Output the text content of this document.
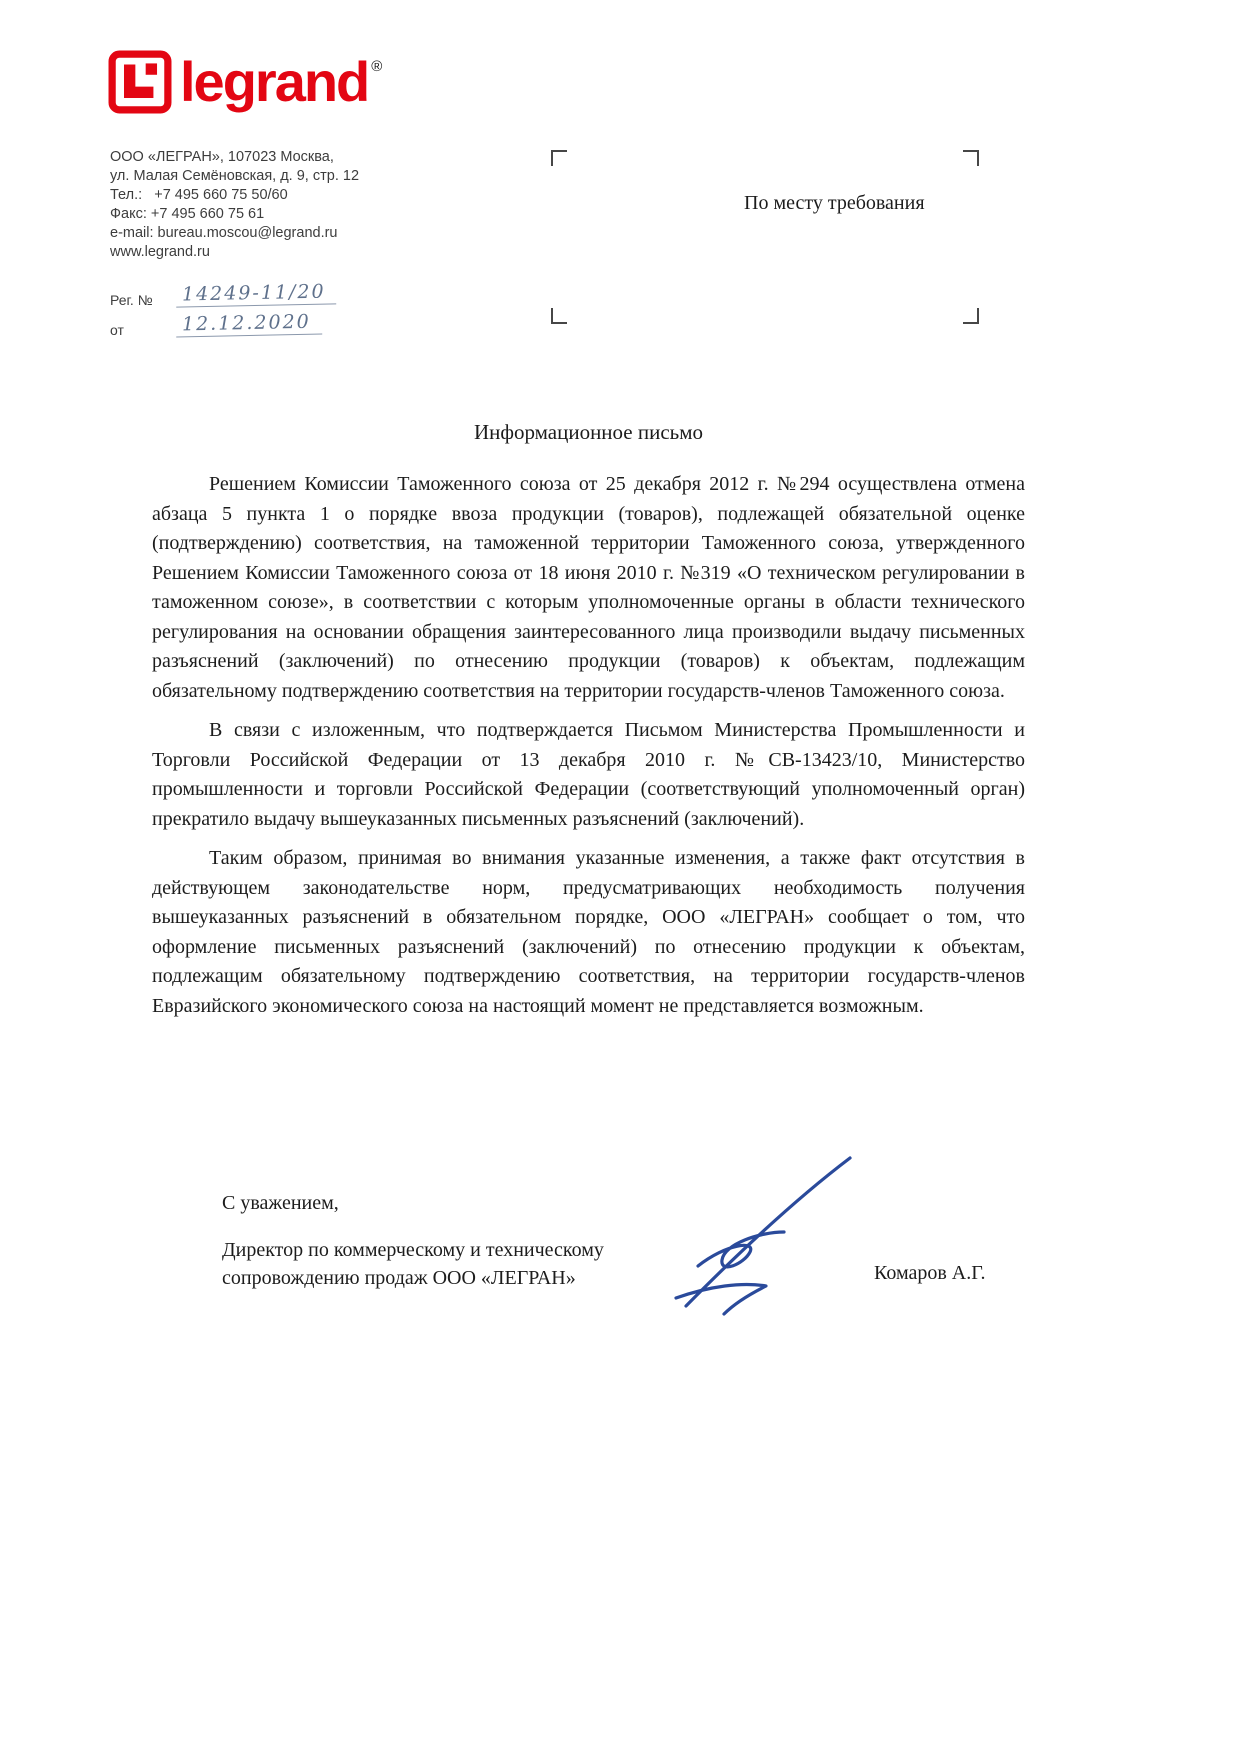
legrand ®
ООО «ЛЕГРАН», 107023 Москва,
ул. Малая Семёновская, д. 9, стр. 12
Тел.:   +7 495 660 75 50/60
Факс: +7 495 660 75 61
e-mail: bureau.moscou@legrand.ru
www.legrand.ru
Рег. №	14249-11/20
от	12.12.2020
По месту требования
Информационное письмо

Решением Комиссии Таможенного союза от 25 декабря 2012 г. №294 осуществлена отмена абзаца 5 пункта 1 о порядке ввоза продукции (товаров), подлежащей обязательной оценке (подтверждению) соответствия, на таможенной территории Таможенного союза, утвержденного Решением Комиссии Таможенного союза от 18 июня 2010 г. №319 «О техническом регулировании в таможенном союзе», в соответствии с которым уполномоченные органы в области технического регулирования на основании обращения заинтересованного лица производили выдачу письменных разъяснений (заключений) по отнесению продукции (товаров) к объектам, подлежащим обязательному подтверждению соответствия на территории государств-членов Таможенного союза.

В связи с изложенным, что подтверждается Письмом Министерства Промышленности и Торговли Российской Федерации от 13 декабря 2010 г. №СВ-13423/10, Министерство промышленности и торговли Российской Федерации (соответствующий уполномоченный орган) прекратило выдачу вышеуказанных письменных разъяснений (заключений).

Таким образом, принимая во внимания указанные изменения, а также факт отсутствия в действующем законодательстве норм, предусматривающих необходимость получения вышеуказанных разъяснений в обязательном порядке, ООО «ЛЕГРАН» сообщает о том, что оформление письменных разъяснений (заключений) по отнесению продукции к объектам, подлежащим обязательному подтверждению соответствия, на территории государств-членов Евразийского экономического союза на настоящий момент не представляется возможным.

С уважением,
Директор по коммерческому и техническому
сопровождению продаж ООО «ЛЕГРАН»	Комаров А.Г.
